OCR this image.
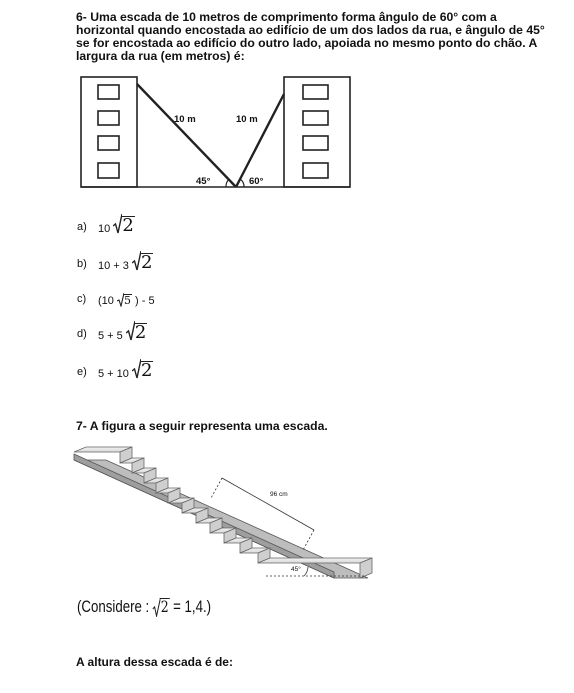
6- Uma escada de 10 metros de comprimento forma ângulo de 60° com a

horizontal quando encostada ao edifício de um dos lados da rua, e ângulo de 45°

se for encostada ao edifício do outro lado, apoiada no mesmo ponto do chão. A

largura da rua (em metros) é:

10 m	10 m
45°	60°
a) 10 2
b) 10 + 3 2
c) (10 5 ) - 5
d) 5 + 5 2
e) 5 + 10 2

7- A figura a seguir representa uma escada.

96 cm
45°
(Considere : 2 = 1,4.)

A altura dessa escada é de:
